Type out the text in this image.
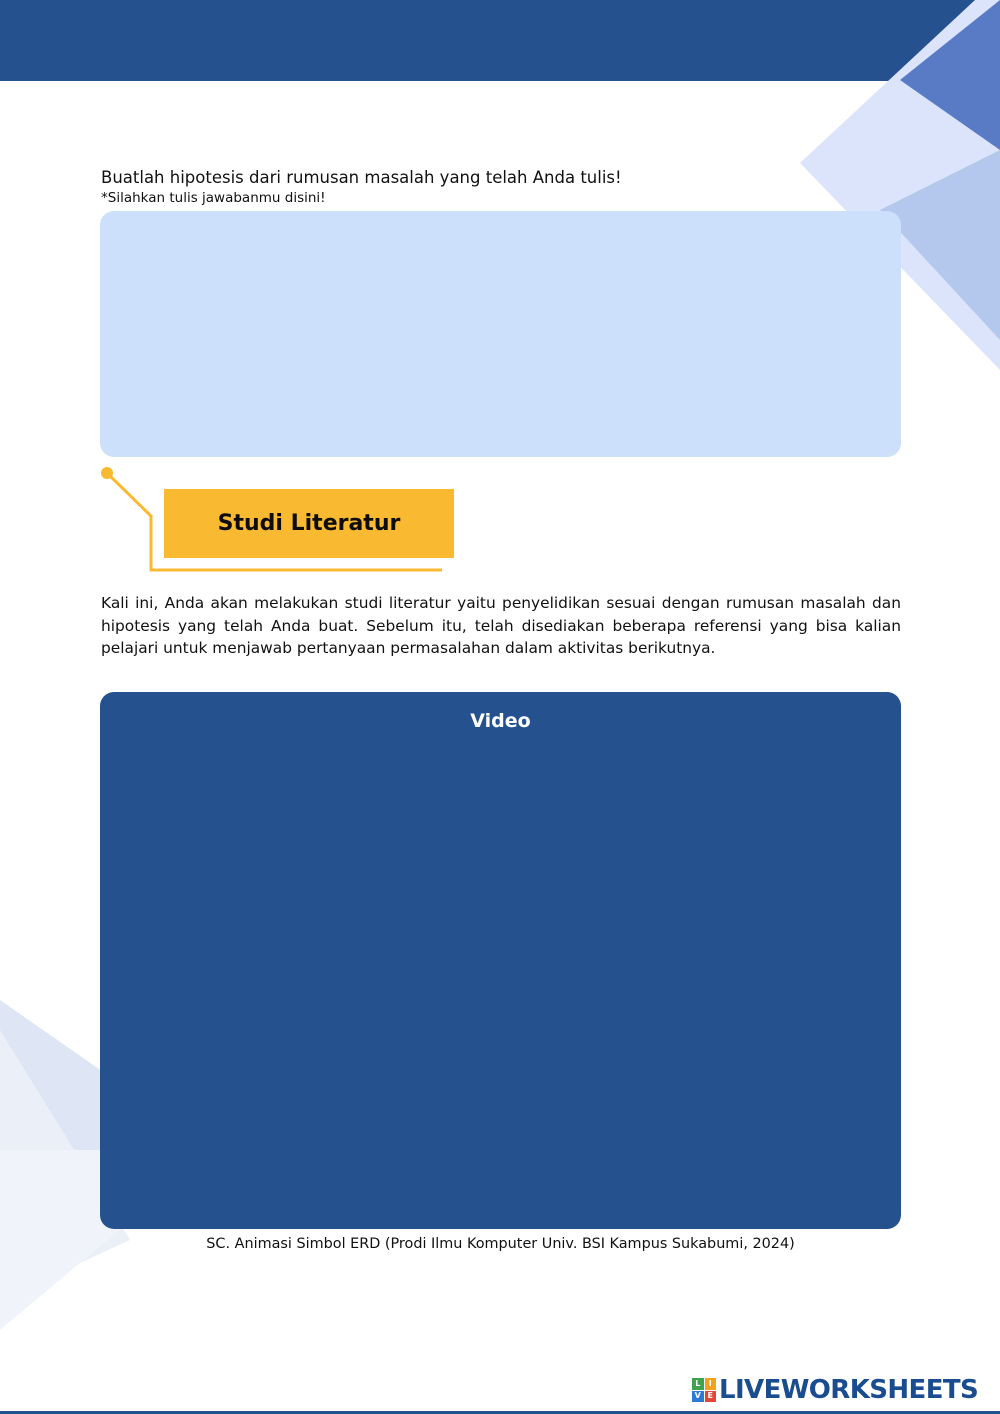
Buatlah hipotesis dari rumusan masalah yang telah Anda tulis!

*Silahkan tulis jawabanmu disini!

Studi Literatur

Kali ini, Anda akan melakukan studi literatur yaitu penyelidikan sesuai dengan rumusan masalah dan hipotesis yang telah Anda buat. Sebelum itu, telah disediakan beberapa referensi yang bisa kalian pelajari untuk menjawab pertanyaan permasalahan dalam aktivitas berikutnya.

Video

SC. Animasi Simbol ERD (Prodi Ilmu Komputer Univ. BSI Kampus Sukabumi, 2024)

L	I
V E LIVEWORKSHEETS
